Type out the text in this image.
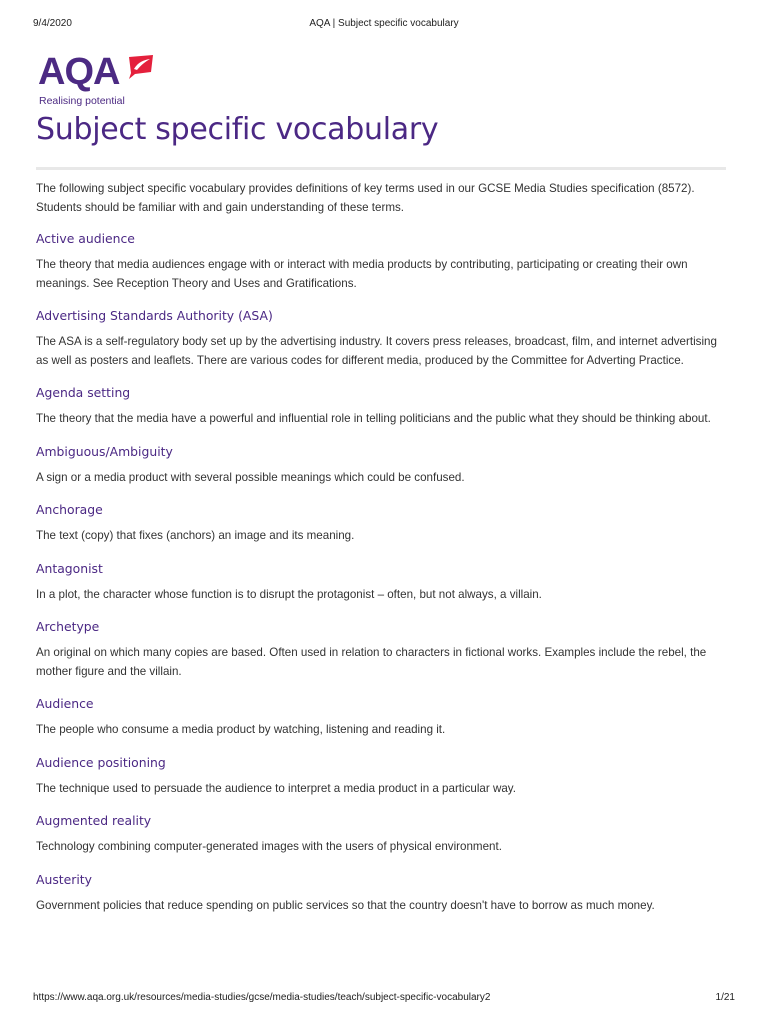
9/4/2020	AQA | Subject specific vocabulary
AQA
Realising potential
Subject specific vocabulary

The following subject specific vocabulary provides definitions of key terms used in our GCSE Media Studies specification (8572). Students should be familiar with and gain understanding of these terms.

Active audience

The theory that media audiences engage with or interact with media products by contributing, participating or creating their own meanings. See Reception Theory and Uses and Gratifications.

Advertising Standards Authority (ASA)

The ASA is a self-regulatory body set up by the advertising industry. It covers press releases, broadcast, film, and internet advertising as well as posters and leaflets. There are various codes for different media, produced by the Committee for Adverting Practice.

Agenda setting

The theory that the media have a powerful and influential role in telling politicians and the public what they should be thinking about.

Ambiguous/Ambiguity

A sign or a media product with several possible meanings which could be confused.

Anchorage

The text (copy) that fixes (anchors) an image and its meaning.

Antagonist

In a plot, the character whose function is to disrupt the protagonist – often, but not always, a villain.

Archetype

An original on which many copies are based. Often used in relation to characters in fictional works. Examples include the rebel, the mother figure and the villain.

Audience

The people who consume a media product by watching, listening and reading it.

Audience positioning

The technique used to persuade the audience to interpret a media product in a particular way.

Augmented reality

Technology combining computer-generated images with the users of physical environment.

Austerity

Government policies that reduce spending on public services so that the country doesn't have to borrow as much money.

https://www.aqa.org.uk/resources/media-studies/gcse/media-studies/teach/subject-specific-vocabulary2	1/21
